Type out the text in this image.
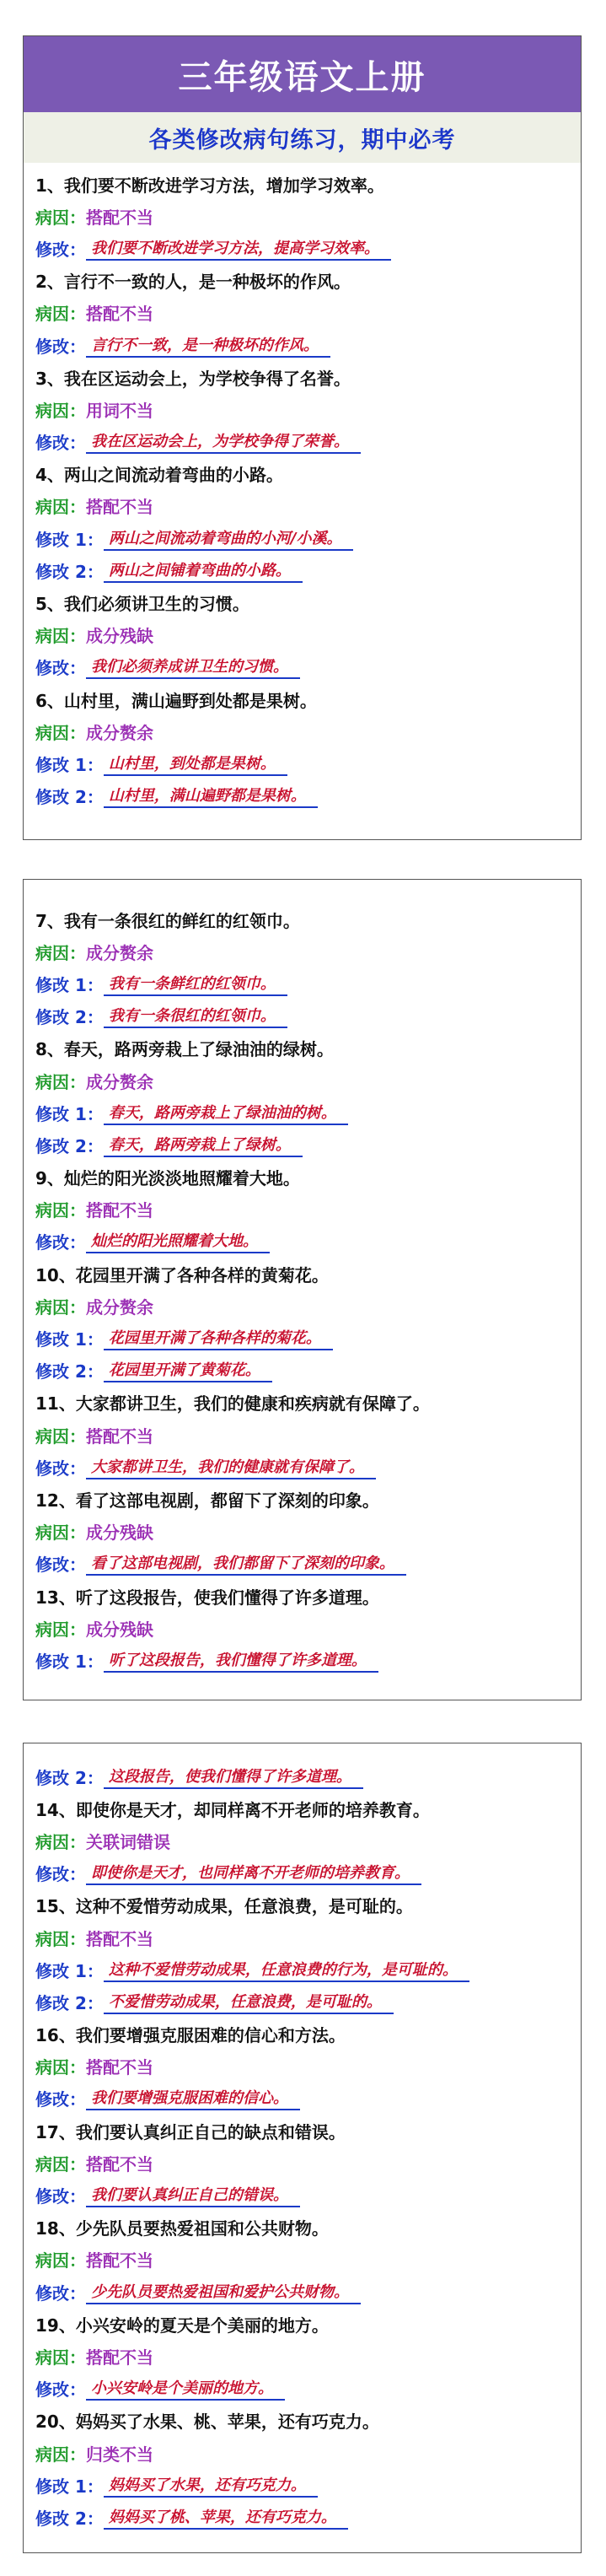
三年级语文上册
各类修改病句练习，期中必考
1、我们要不断改进学习方法，增加学习效率。
病因： 搭配不当
修改： 我们要不断改进学习方法，提高学习效率。
2、言行不一致的人，是一种极坏的作风。
病因： 搭配不当
修改： 言行不一致，是一种极坏的作风。
3、我在区运动会上，为学校争得了名誉。
病因： 用词不当
修改： 我在区运动会上，为学校争得了荣誉。
4、两山之间流动着弯曲的小路。
病因： 搭配不当
修改 1： 两山之间流动着弯曲的小河/小溪。
修改 2： 两山之间铺着弯曲的小路。
5、我们必须讲卫生的习惯。
病因： 成分残缺
修改： 我们必须养成讲卫生的习惯。
6、山村里，满山遍野到处都是果树。
病因： 成分赘余
修改 1： 山村里，到处都是果树。
修改 2： 山村里，满山遍野都是果树。
7、我有一条很红的鲜红的红领巾。
病因： 成分赘余
修改 1： 我有一条鲜红的红领巾。
修改 2： 我有一条很红的红领巾。
8、春天，路两旁栽上了绿油油的绿树。
病因： 成分赘余
修改 1： 春天，路两旁栽上了绿油油的树。
修改 2： 春天，路两旁栽上了绿树。
9、灿烂的阳光淡淡地照耀着大地。
病因： 搭配不当
修改： 灿烂的阳光照耀着大地。
10、花园里开满了各种各样的黄菊花。
病因： 成分赘余
修改 1： 花园里开满了各种各样的菊花。
修改 2： 花园里开满了黄菊花。
11、大家都讲卫生，我们的健康和疾病就有保障了。
病因： 搭配不当
修改： 大家都讲卫生，我们的健康就有保障了。
12、看了这部电视剧，都留下了深刻的印象。
病因： 成分残缺
修改： 看了这部电视剧，我们都留下了深刻的印象。
13、听了这段报告，使我们懂得了许多道理。
病因： 成分残缺
修改 1： 听了这段报告，我们懂得了许多道理。
修改 2： 这段报告，使我们懂得了许多道理。
14、即使你是天才，却同样离不开老师的培养教育。
病因： 关联词错误
修改： 即使你是天才，也同样离不开老师的培养教育。
15、这种不爱惜劳动成果，任意浪费，是可耻的。
病因： 搭配不当
修改 1： 这种不爱惜劳动成果，任意浪费的行为，是可耻的。
修改 2： 不爱惜劳动成果，任意浪费，是可耻的。
16、我们要增强克服困难的信心和方法。
病因： 搭配不当
修改： 我们要增强克服困难的信心。
17、我们要认真纠正自己的缺点和错误。
病因： 搭配不当
修改： 我们要认真纠正自己的错误。
18、少先队员要热爱祖国和公共财物。
病因： 搭配不当
修改： 少先队员要热爱祖国和爱护公共财物。
19、小兴安岭的夏天是个美丽的地方。
病因： 搭配不当
修改： 小兴安岭是个美丽的地方。
20、妈妈买了水果、桃、苹果，还有巧克力。
病因： 归类不当
修改 1： 妈妈买了水果，还有巧克力。
修改 2： 妈妈买了桃、苹果，还有巧克力。
